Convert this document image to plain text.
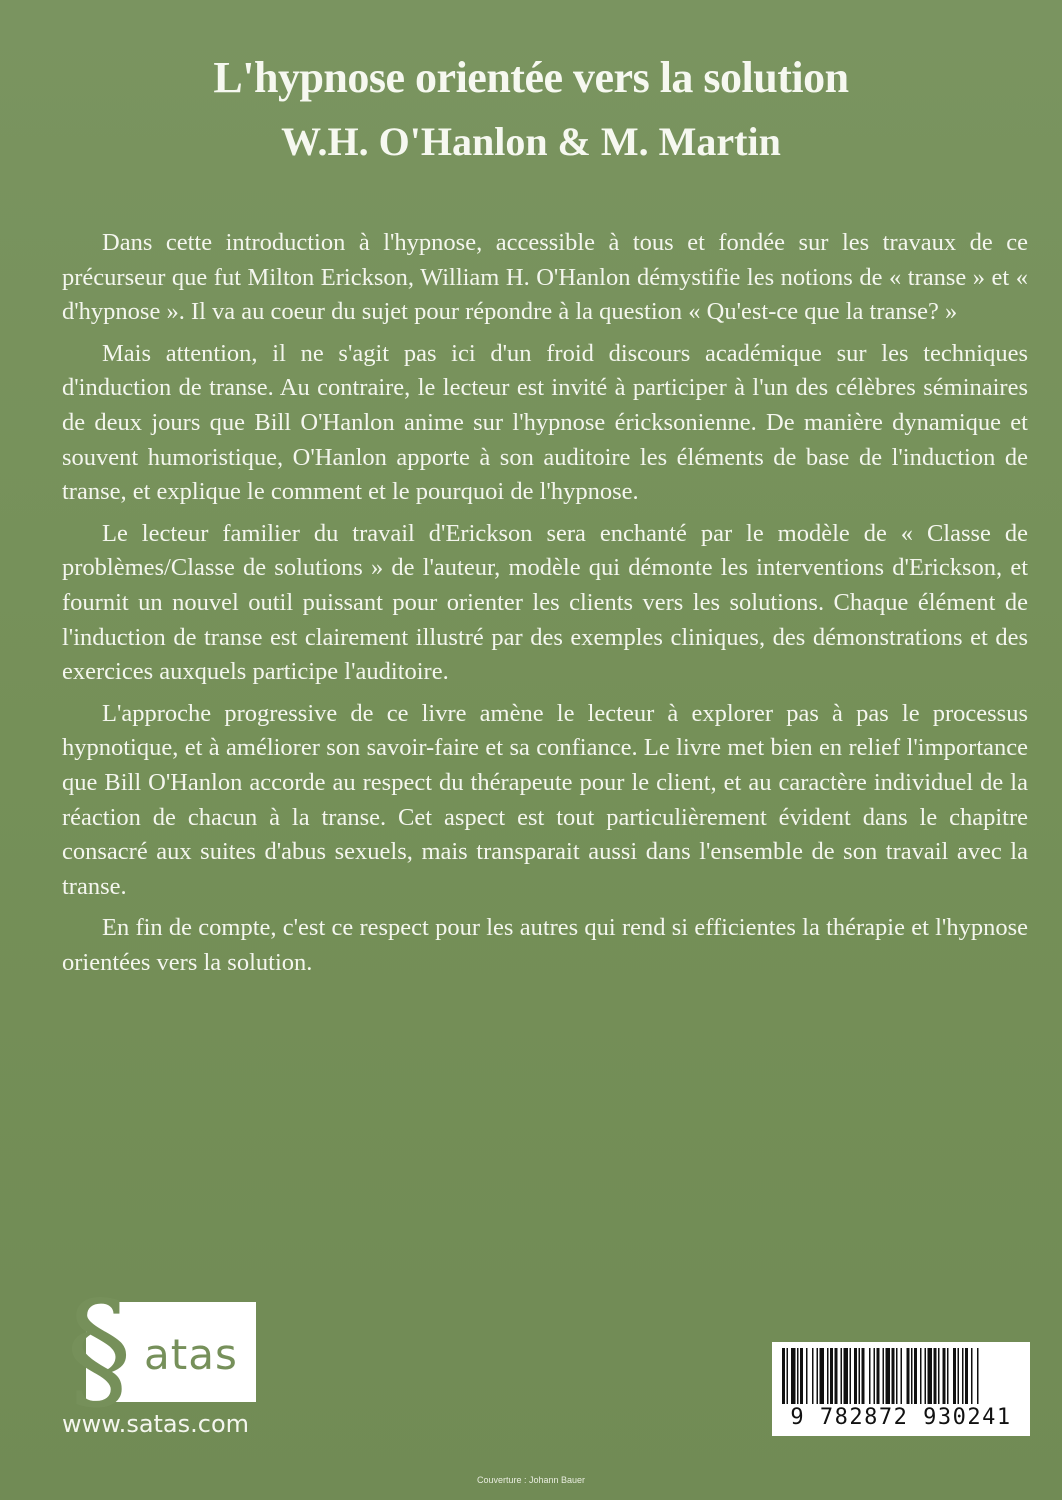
L'hypnose orientée vers la solution
W.H. O'Hanlon & M. Martin

Dans cette introduction à l'hypnose, accessible à tous et fondée sur les travaux de ce précurseur que fut Milton Erickson, William H. O'Hanlon démystifie les notions de « transe » et « d'hypnose ». Il va au coeur du sujet pour répondre à la question « Qu'est-ce que la transe? »

Mais attention, il ne s'agit pas ici d'un froid discours académique sur les techniques d'induction de transe. Au contraire, le lecteur est invité à participer à l'un des célèbres séminaires de deux jours que Bill O'Hanlon anime sur l'hypnose éricksonienne. De manière dynamique et souvent humoristique, O'Hanlon apporte à son auditoire les éléments de base de l'induction de transe, et explique le comment et le pourquoi de l'hypnose.

Le lecteur familier du travail d'Erickson sera enchanté par le modèle de « Classe de problèmes/Classe de solutions » de l'auteur, modèle qui démonte les interventions d'Erickson, et fournit un nouvel outil puissant pour orienter les clients vers les solutions. Chaque élément de l'induction de transe est clairement illustré par des exemples cliniques, des démonstrations et des exercices auxquels participe l'auditoire.

L'approche progressive de ce livre amène le lecteur à explorer pas à pas le processus hypnotique, et à améliorer son savoir-faire et sa confiance. Le livre met bien en relief l'importance que Bill O'Hanlon accorde au respect du thérapeute pour le client, et au caractère individuel de la réaction de chacun à la transe. Cet aspect est tout particulièrement évident dans le chapitre consacré aux suites d'abus sexuels, mais transparait aussi dans l'ensemble de son travail avec la transe.

En fin de compte, c'est ce respect pour les autres qui rend si efficientes la thérapie et l'hypnose orientées vers la solution.

§ atas
www.satas.com	9 782872 930241
Couverture : Johann Bauer
